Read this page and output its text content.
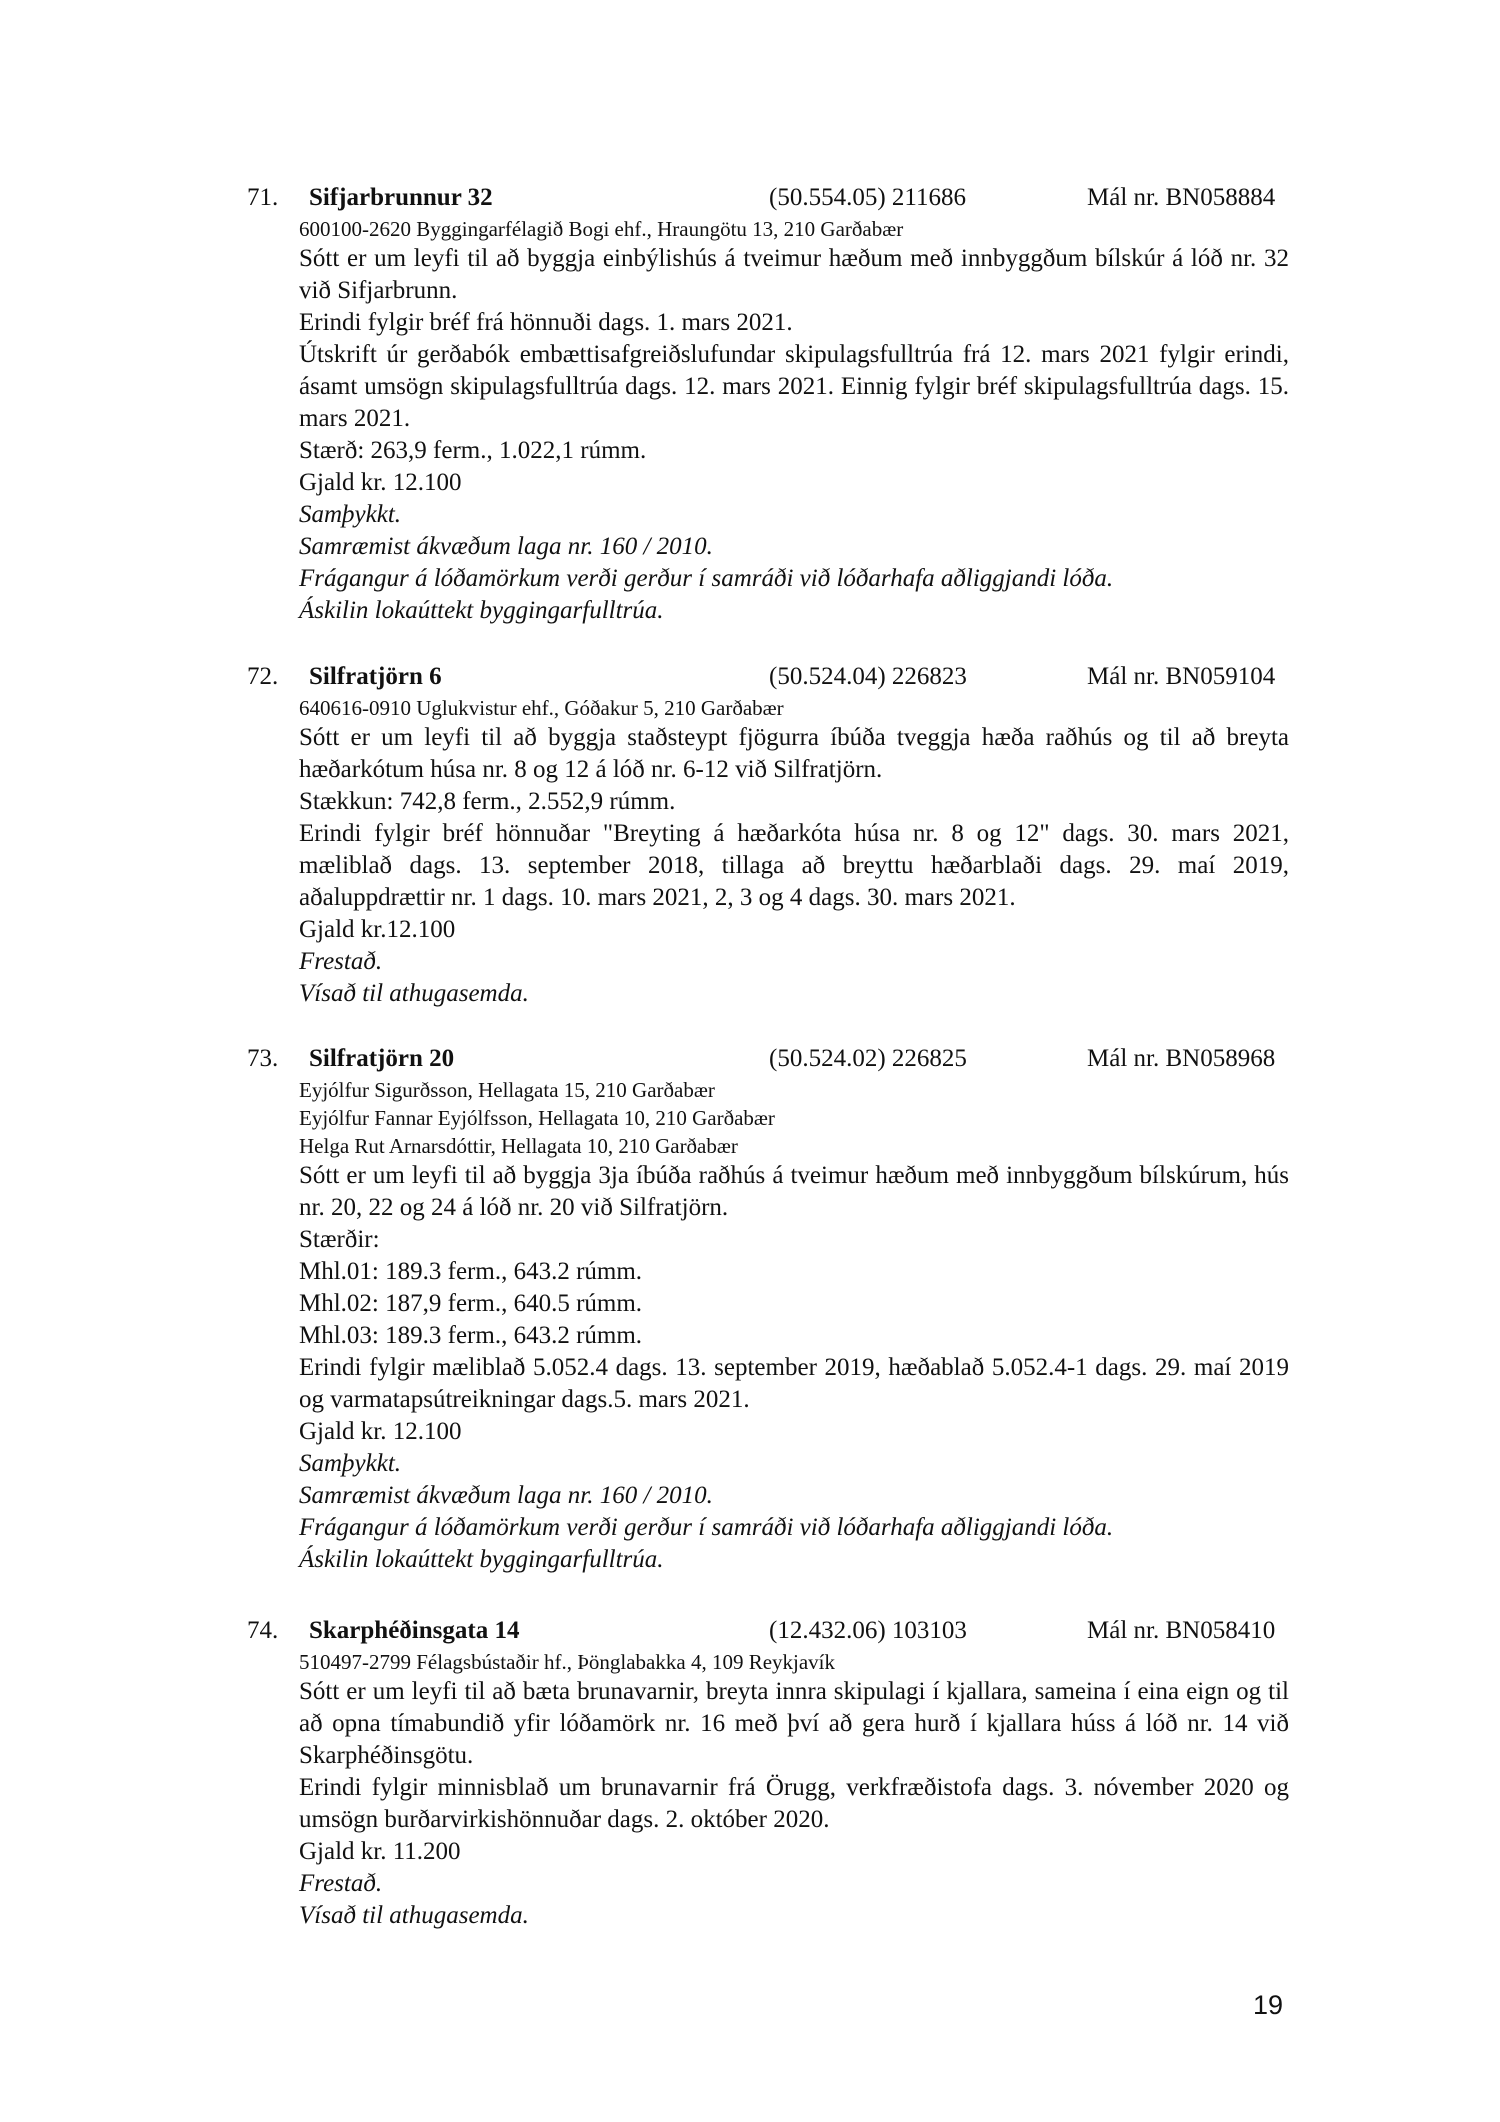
71. Sifjarbrunnur 32	(50.554.05) 211686	Mál nr. BN058884
600100-2620 Byggingarfélagið Bogi ehf., Hraungötu 13, 210 Garðabær
Sótt er um leyfi til að byggja einbýlishús á tveimur hæðum með innbyggðum bílskúr á lóð nr. 32 við Sifjarbrunn.
Erindi fylgir bréf frá hönnuði dags. 1. mars 2021.
Útskrift úr gerðabók embættisafgreiðslufundar skipulagsfulltrúa frá 12. mars 2021 fylgir erindi, ásamt umsögn skipulagsfulltrúa dags. 12. mars 2021. Einnig fylgir bréf skipulagsfulltrúa dags. 15. mars 2021.
Stærð: 263,9 ferm., 1.022,1 rúmm.
Gjald kr. 12.100
Samþykkt.
Samræmist ákvæðum laga nr. 160 / 2010.
Frágangur á lóðamörkum verði gerður í samráði við lóðarhafa aðliggjandi lóða.
Áskilin lokaúttekt byggingarfulltrúa.
72. Silfratjörn 6	(50.524.04) 226823	Mál nr. BN059104
640616-0910 Uglukvistur ehf., Góðakur 5, 210 Garðabær
Sótt er um leyfi til að byggja staðsteypt fjögurra íbúða tveggja hæða raðhús og til að breyta hæðarkótum húsa nr. 8 og 12 á lóð nr. 6-12 við Silfratjörn.
Stækkun: 742,8 ferm., 2.552,9 rúmm.
Erindi fylgir bréf hönnuðar "Breyting á hæðarkóta húsa nr. 8 og 12" dags. 30. mars 2021, mæliblað dags. 13. september 2018, tillaga að breyttu hæðarblaði dags. 29. maí 2019, aðaluppdrættir nr. 1 dags. 10. mars 2021, 2, 3 og 4 dags. 30. mars 2021.
Gjald kr.12.100
Frestað.
Vísað til athugasemda.
73. Silfratjörn 20	(50.524.02) 226825	Mál nr. BN058968
Eyjólfur Sigurðsson, Hellagata 15, 210 Garðabær
Eyjólfur Fannar Eyjólfsson, Hellagata 10, 210 Garðabær
Helga Rut Arnarsdóttir, Hellagata 10, 210 Garðabær
Sótt er um leyfi til að byggja 3ja íbúða raðhús á tveimur hæðum með innbyggðum bílskúrum, hús nr. 20, 22 og 24 á lóð nr. 20 við Silfratjörn.
Stærðir:
Mhl.01: 189.3 ferm., 643.2 rúmm.
Mhl.02: 187,9 ferm., 640.5 rúmm.
Mhl.03: 189.3 ferm., 643.2 rúmm.
Erindi fylgir mæliblað 5.052.4 dags. 13. september 2019, hæðablað 5.052.4-1 dags. 29. maí 2019 og varmatapsútreikningar dags.5. mars 2021.
Gjald kr. 12.100
Samþykkt.
Samræmist ákvæðum laga nr. 160 / 2010.
Frágangur á lóðamörkum verði gerður í samráði við lóðarhafa aðliggjandi lóða.
Áskilin lokaúttekt byggingarfulltrúa.
74. Skarphéðinsgata 14	(12.432.06) 103103	Mál nr. BN058410
510497-2799 Félagsbústaðir hf., Þönglabakka 4, 109 Reykjavík
Sótt er um leyfi til að bæta brunavarnir, breyta innra skipulagi í kjallara, sameina í eina eign og til að opna tímabundið yfir lóðamörk nr. 16 með því að gera hurð í kjallara húss á lóð nr. 14 við Skarphéðinsgötu.
Erindi fylgir minnisblað um brunavarnir frá Örugg, verkfræðistofa dags. 3. nóvember 2020 og umsögn burðarvirkishönnuðar dags. 2. október 2020.
Gjald kr. 11.200
Frestað.
Vísað til athugasemda.
19
